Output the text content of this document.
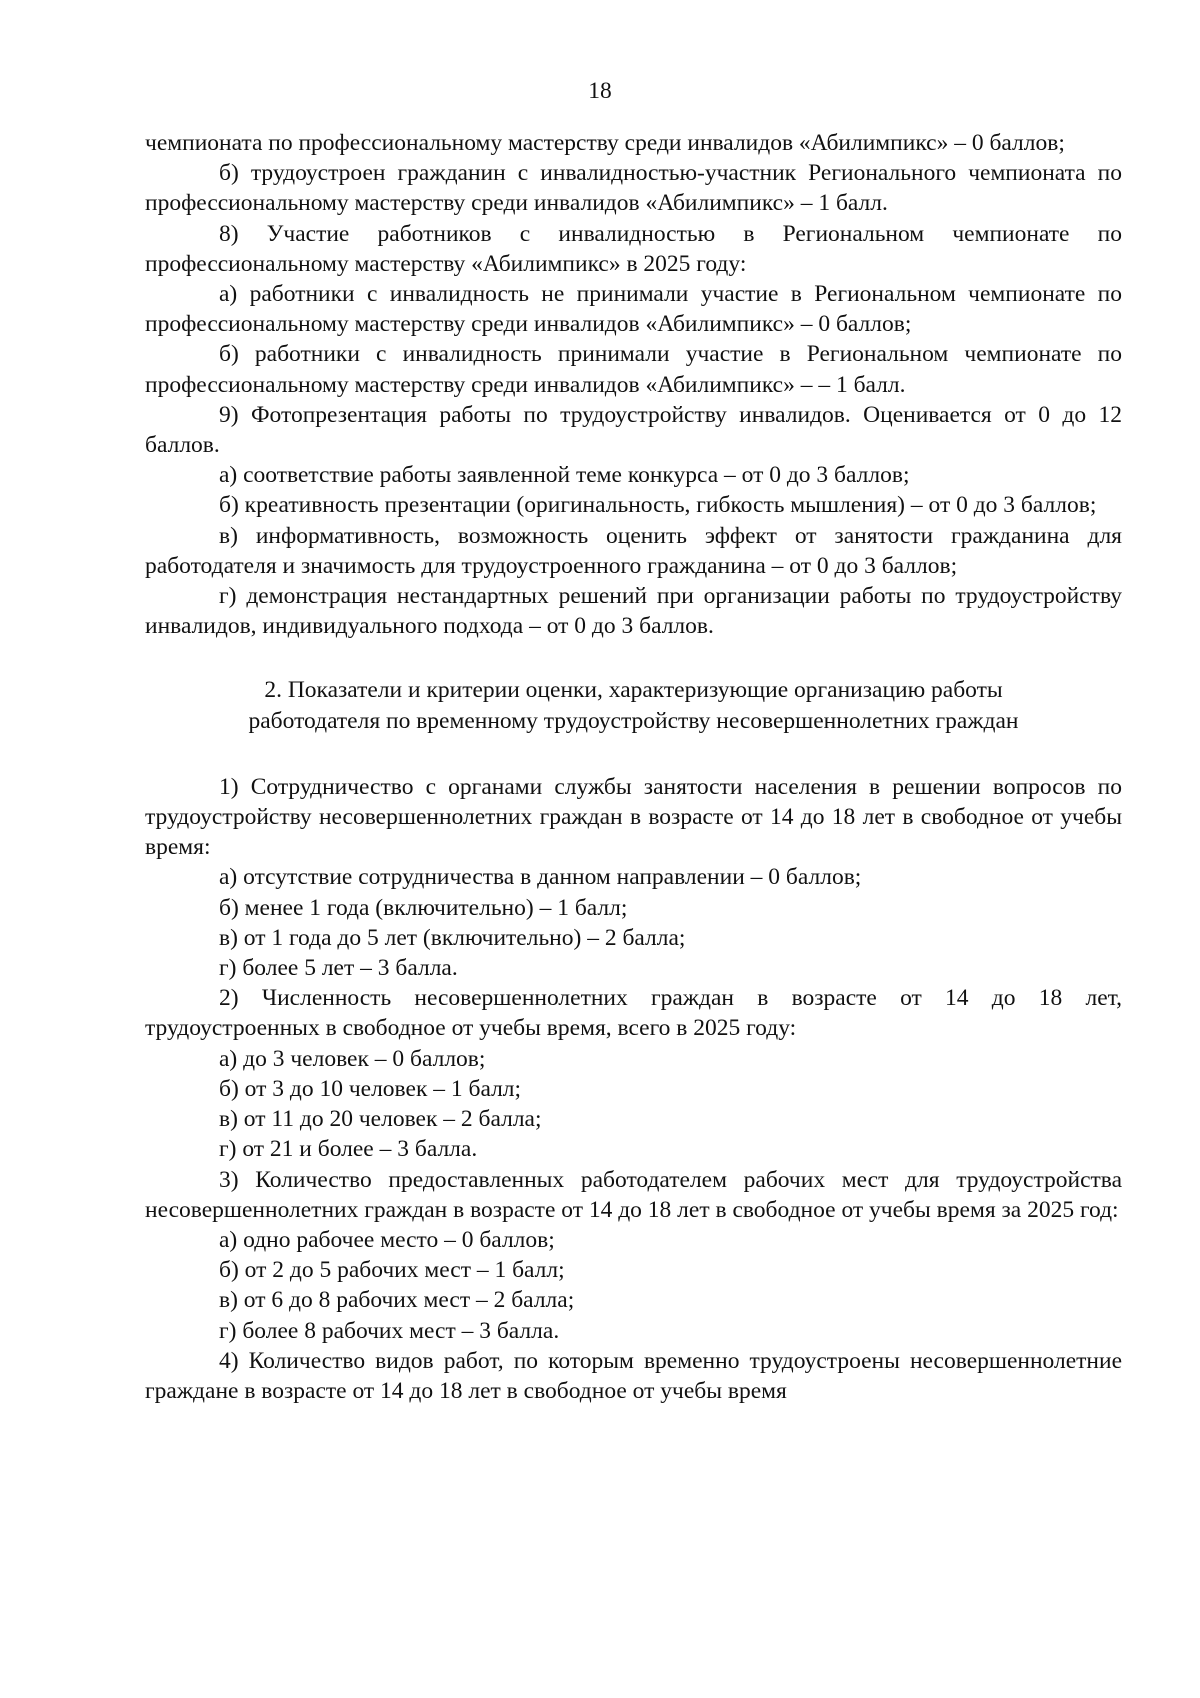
18

чемпионата по профессиональному мастерству среди инвалидов «Абилимпикс» – 0 баллов;

б) трудоустроен гражданин с инвалидностью-участник Регионального чемпионата по профессиональному мастерству среди инвалидов «Абилимпикс» – 1 балл.

8) Участие работников с инвалидностью в Региональном чемпионате по профессиональному мастерству «Абилимпикс» в 2025 году:

а) работники с инвалидность не принимали участие в Региональном чемпионате по профессиональному мастерству среди инвалидов «Абилимпикс» – 0 баллов;

б) работники с инвалидность принимали участие в Региональном чемпионате по профессиональному мастерству среди инвалидов «Абилимпикс» – – 1 балл.

9) Фотопрезентация работы по трудоустройству инвалидов. Оценивается от 0 до 12 баллов.

а) соответствие работы заявленной теме конкурса – от 0 до 3 баллов;

б) креативность презентации (оригинальность, гибкость мышления) – от 0 до 3 баллов;

в) информативность, возможность оценить эффект от занятости гражданина для работодателя и значимость для трудоустроенного гражданина – от 0 до 3 баллов;

г) демонстрация нестандартных решений при организации работы по трудоустройству инвалидов, индивидуального подхода – от 0 до 3 баллов.

2. Показатели и критерии оценки, характеризующие организацию работы
работодателя по временному трудоустройству несовершеннолетних граждан

1) Сотрудничество с органами службы занятости населения в решении вопросов по трудоустройству несовершеннолетних граждан в возрасте от 14 до 18 лет в свободное от учебы время:

а) отсутствие сотрудничества в данном направлении – 0 баллов;

б) менее 1 года (включительно) – 1 балл;

в) от 1 года до 5 лет (включительно) – 2 балла;

г) более 5 лет – 3 балла.

2) Численность несовершеннолетних граждан в возрасте от 14 до 18 лет, трудоустроенных в свободное от учебы время, всего в 2025 году:

а) до 3 человек – 0 баллов;

б) от 3 до 10 человек – 1 балл;

в) от 11 до 20 человек – 2 балла;

г) от 21 и более – 3 балла.

3) Количество предоставленных работодателем рабочих мест для трудоустройства несовершеннолетних граждан в возрасте от 14 до 18 лет в свободное от учебы время за 2025 год:

а) одно рабочее место – 0 баллов;

б) от 2 до 5 рабочих мест – 1 балл;

в) от 6 до 8 рабочих мест – 2 балла;

г) более 8 рабочих мест – 3 балла.

4) Количество видов работ, по которым временно трудоустроены несовершеннолетние граждане в возрасте от 14 до 18 лет в свободное от учебы время
